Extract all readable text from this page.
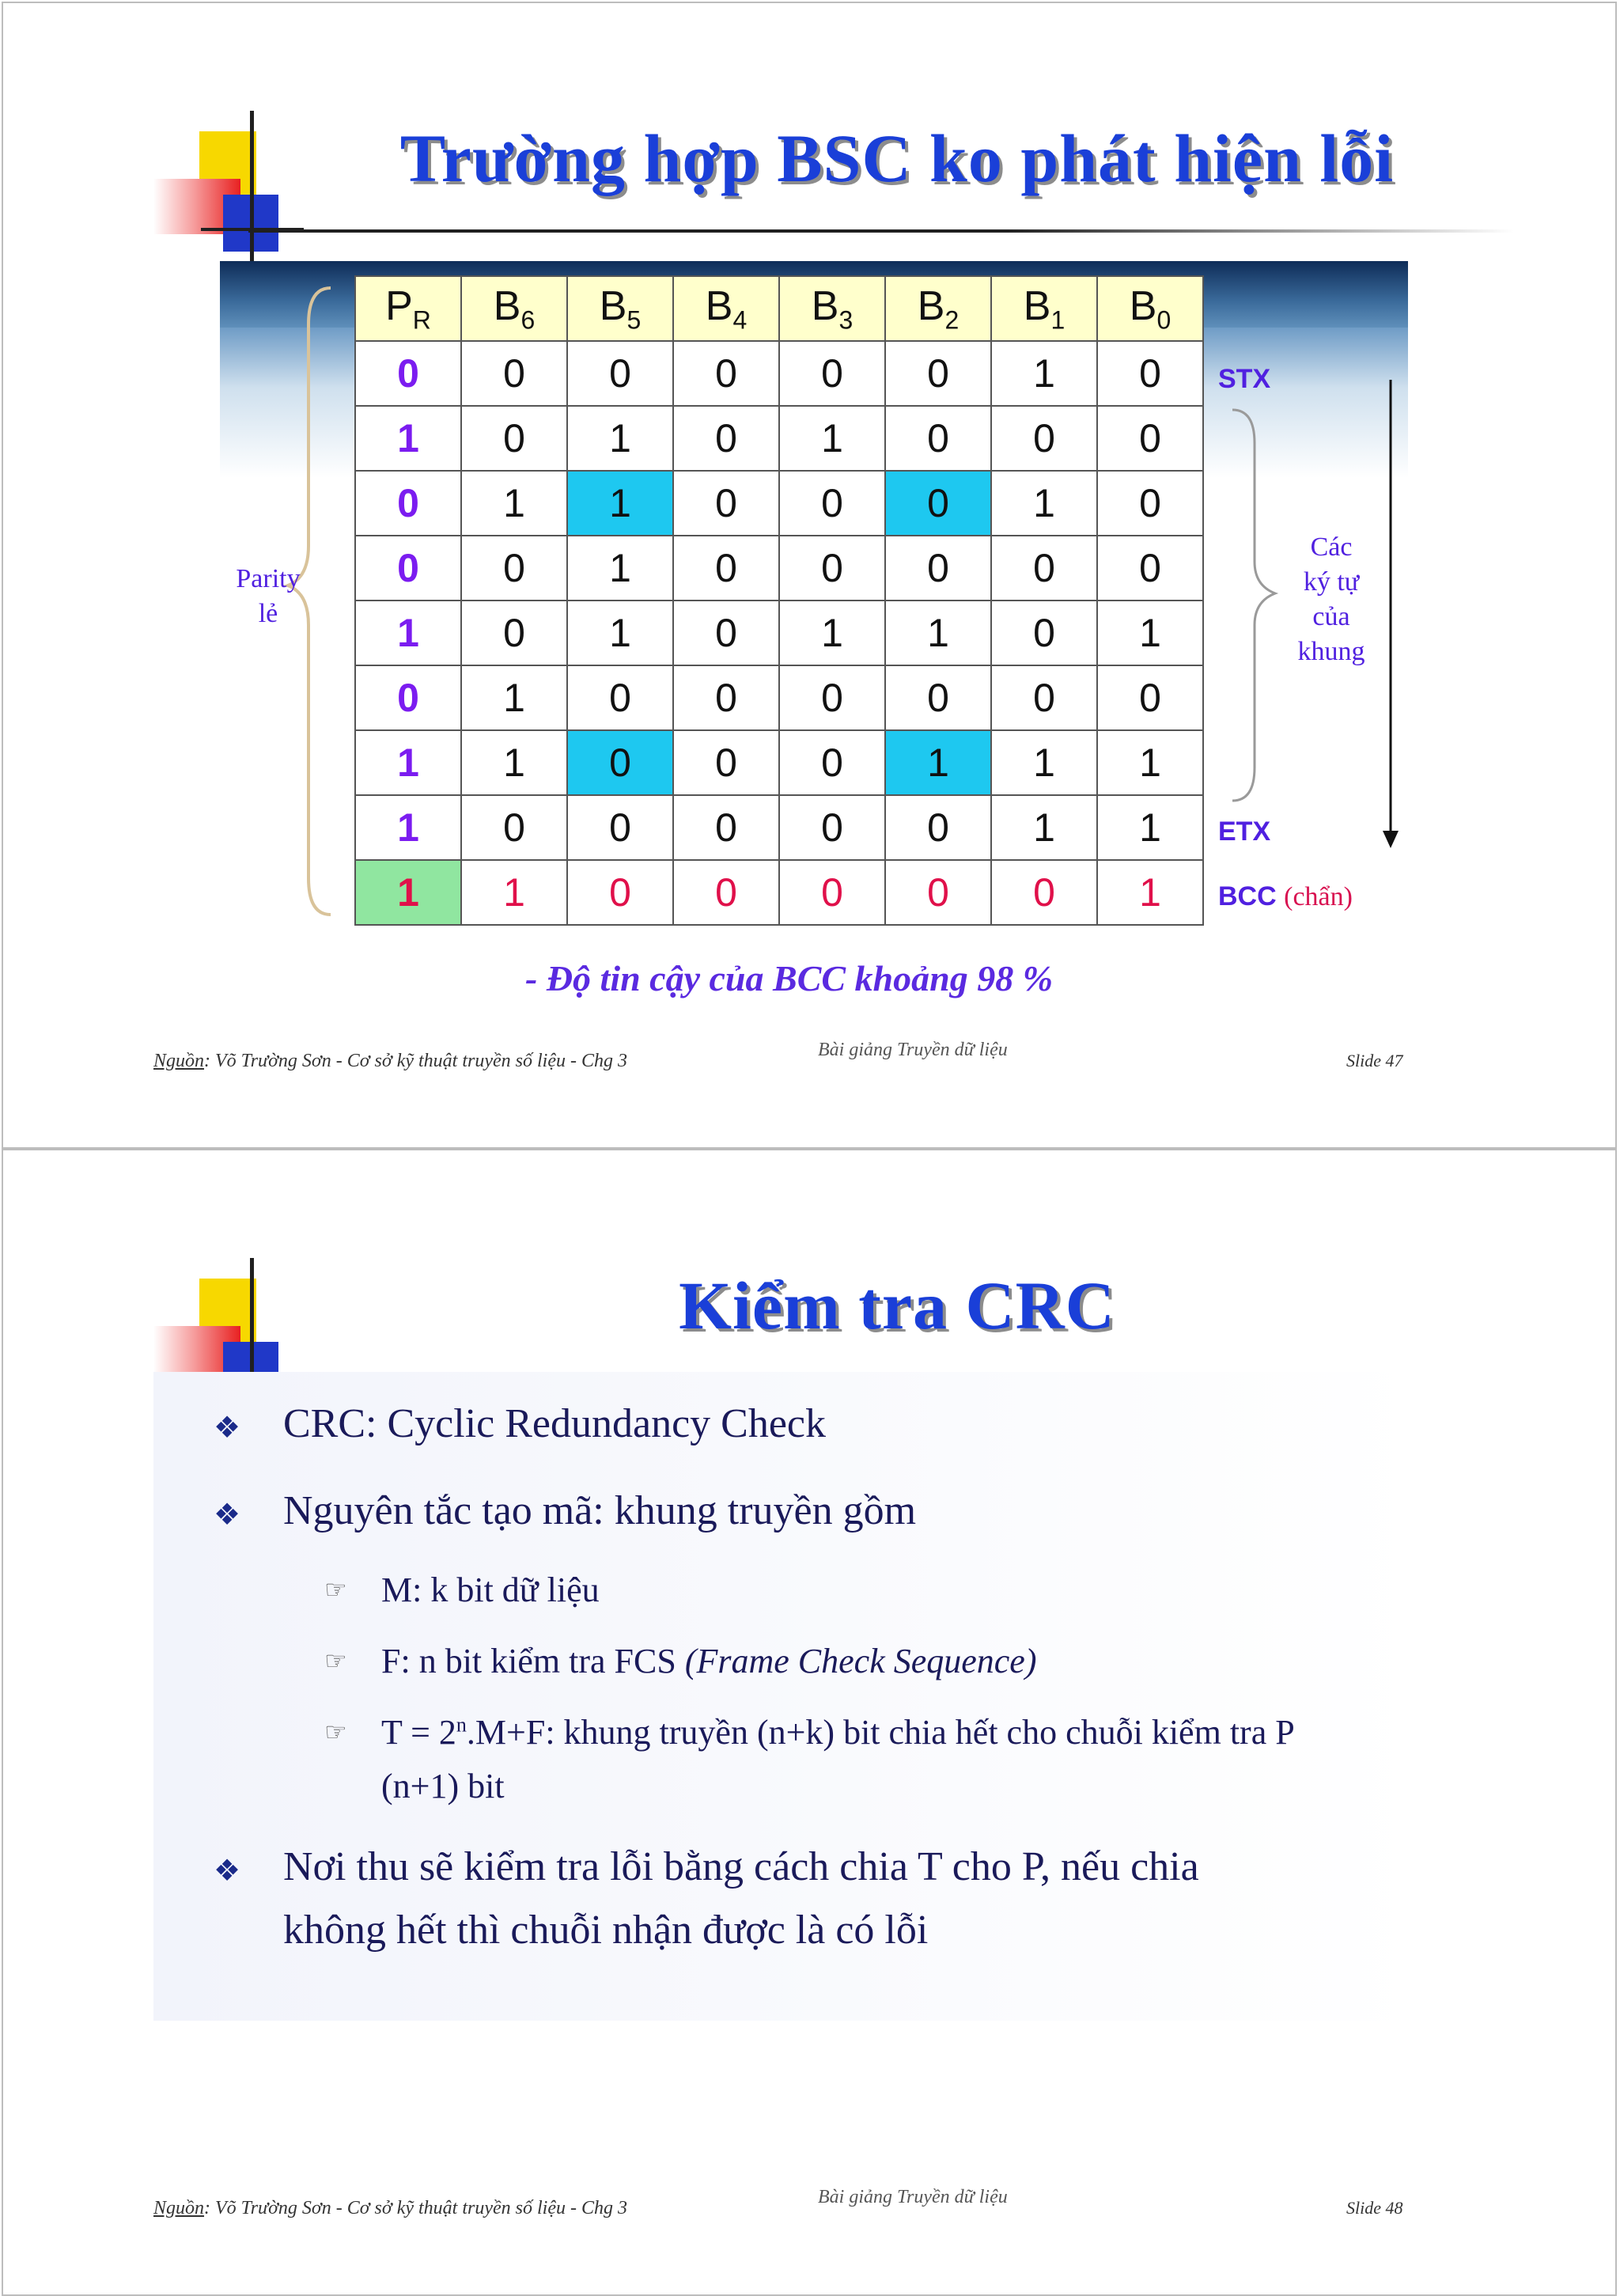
Trường hợp BSC ko phát hiện lỗi
$P_R$	$B_6$	$B_5$	$B_4$	$B_3$	$B_2$	$B_1$	$B_0$
0	0	0	0	0	0	1	0
1	0	1	0	1	0	0	0
0	1	1	0	0	0	1	0
0	0	1	0	0	0	0	0
1	0	1	0	1	1	0	1
0	1	0	0	0	0	0	0
1	1	0	0	0	1	1	1
1	0	0	0	0	0	1	1
1	1	0	0	0	0	0	1
STX
ETX
BCC (chẩn)
Parity
lẻ
Các
ký tự
của
khung
- Độ tin cậy của BCC khoảng 98 %
Nguồn: Võ Trường Sơn - Cơ sở kỹ thuật truyền số liệu - Chg 3
Bài giảng Truyền dữ liệu
Slide 47
Kiểm tra CRC
❖ CRC: Cyclic Redundancy Check
❖ Nguyên tắc tạo mã: khung truyền gồm
☞ M: k bit dữ liệu
☞ F: n bit kiểm tra FCS (Frame Check Sequence)
☞ $T = 2^n.M+F$: khung truyền (n+k) bit chia hết cho chuỗi kiểm tra P
(n+1) bit
❖ Nơi thu sẽ kiểm tra lỗi bằng cách chia T cho P, nếu chia
không hết thì chuỗi nhận được là có lỗi
Nguồn: Võ Trường Sơn - Cơ sở kỹ thuật truyền số liệu - Chg 3
Bài giảng Truyền dữ liệu
Slide 48
